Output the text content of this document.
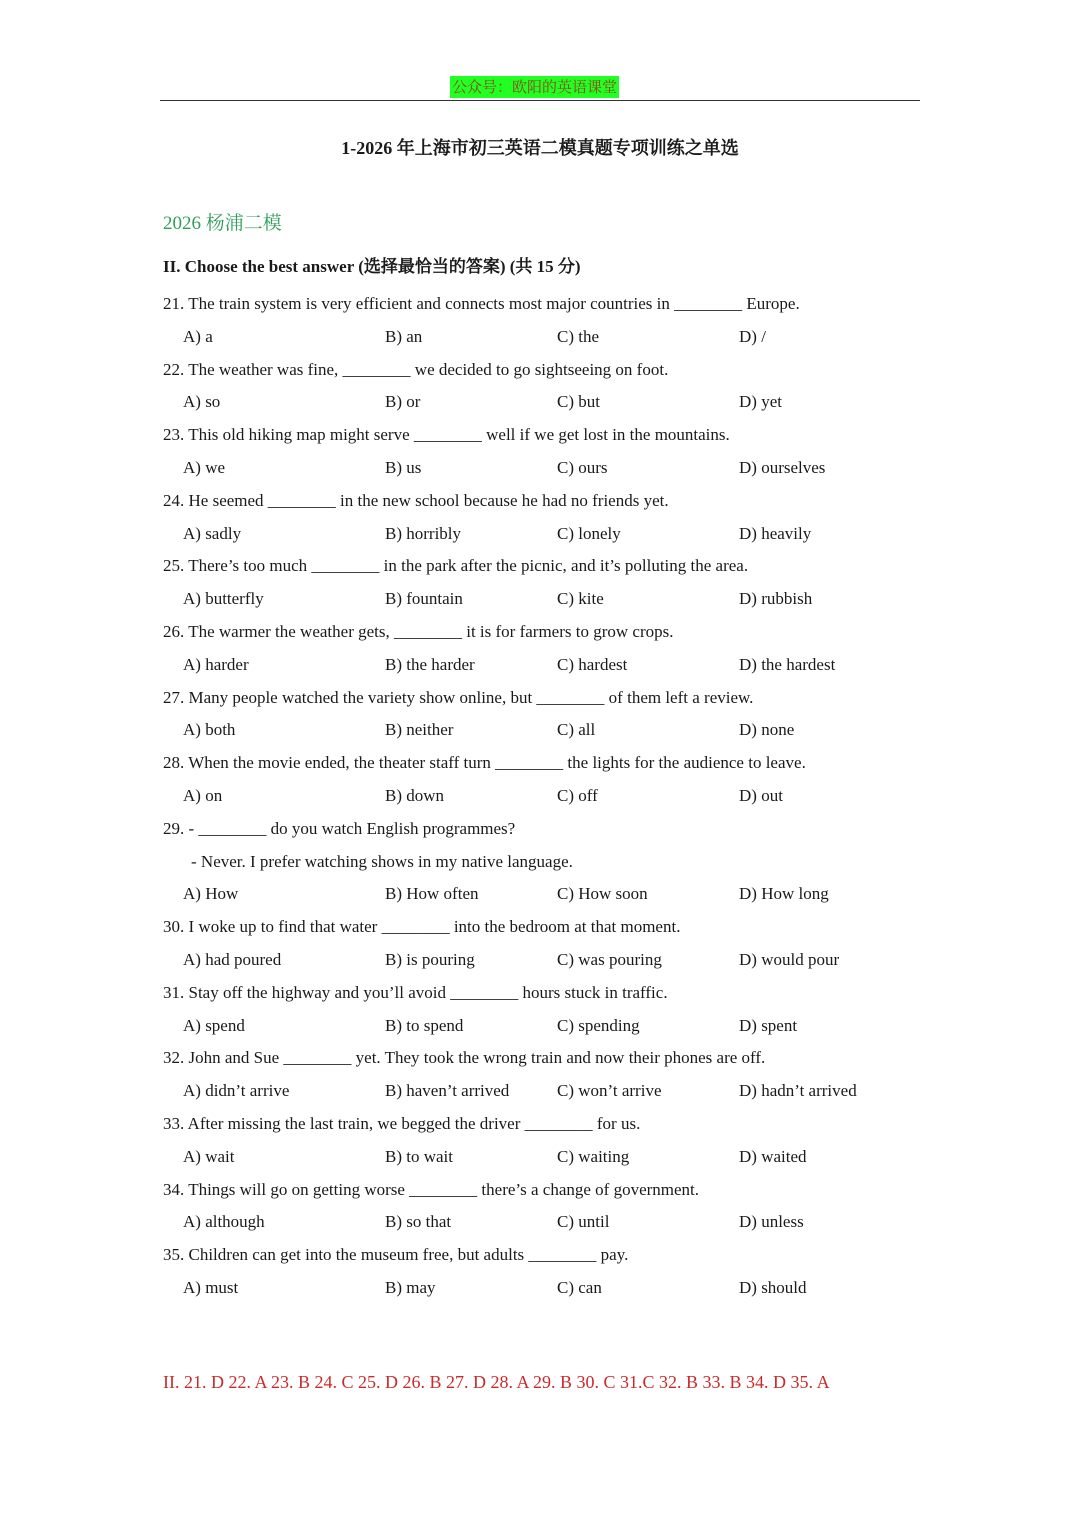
公众号：欧阳的英语课堂
1-2026 年上海市初三英语二模真题专项训练之单选
2026 杨浦二模
II. Choose the best answer (选择最恰当的答案) (共 15 分)
21. The train system is very efficient and connects most major countries in ________ Europe.
A) a	B) an	C) the	D) /
22. The weather was fine, ________ we decided to go sightseeing on foot.
A) so	B) or	C) but	D) yet
23. This old hiking map might serve ________ well if we get lost in the mountains.
A) we	B) us	C) ours	D) ourselves
24. He seemed ________ in the new school because he had no friends yet.
A) sadly	B) horribly	C) lonely	D) heavily
25. There’s too much ________ in the park after the picnic, and it’s polluting the area.
A) butterfly	B) fountain	C) kite	D) rubbish
26. The warmer the weather gets, ________ it is for farmers to grow crops.
A) harder	B) the harder	C) hardest	D) the hardest
27. Many people watched the variety show online, but ________ of them left a review.
A) both	B) neither	C) all	D) none
28. When the movie ended, the theater staff turn ________ the lights for the audience to leave.
A) on	B) down	C) off	D) out
29. - ________ do you watch English programmes?
- Never. I prefer watching shows in my native language.
A) How	B) How often	C) How soon	D) How long
30. I woke up to find that water ________ into the bedroom at that moment.
A) had poured	B) is pouring	C) was pouring	D) would pour
31. Stay off the highway and you’ll avoid ________ hours stuck in traffic.
A) spend	B) to spend	C) spending	D) spent
32. John and Sue ________ yet. They took the wrong train and now their phones are off.
A) didn’t arrive	B) haven’t arrived	C) won’t arrive	D) hadn’t arrived
33. After missing the last train, we begged the driver ________ for us.
A) wait	B) to wait	C) waiting	D) waited
34. Things will go on getting worse ________ there’s a change of government.
A) although	B) so that	C) until	D) unless
35. Children can get into the museum free, but adults ________ pay.
A) must	B) may	C) can	D) should
II. 21. D 22. A 23. B 24. C 25. D 26. B 27. D 28. A 29. B 30. C 31.C 32. B 33. B 34. D 35. A
